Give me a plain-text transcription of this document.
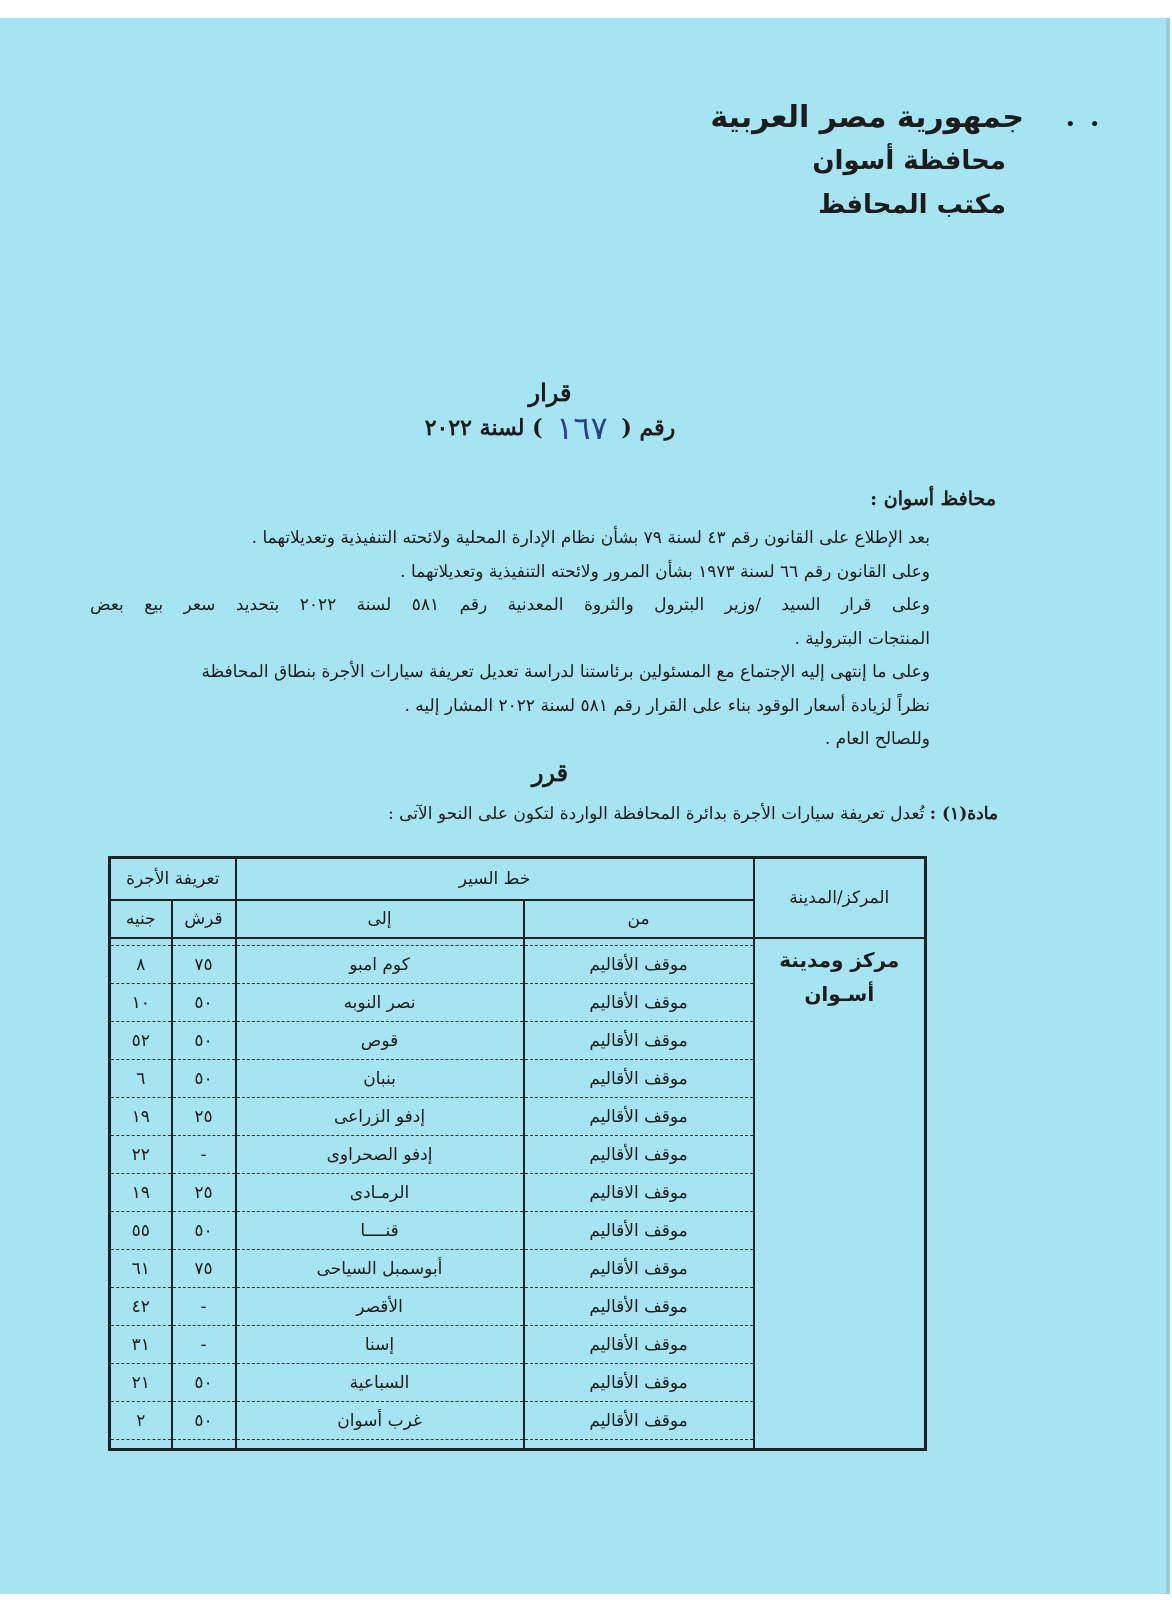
• •
جمهورية مصر العربية
محافظة أسوان
مكتب المحافظ
قرار
رقم ( ١٦٧ ) لسنة ٢٠٢٢
محافظ أسوان :

بعد الإطلاع على القانون رقم ٤٣ لسنة ٧٩ بشأن نظام الإدارة المحلية ولائحته التنفيذية وتعديلاتهما .

وعلى القانون رقم ٦٦ لسنة ١٩٧٣ بشأن المرور ولائحته التنفيذية وتعديلاتهما .

وعلى قرار السيد /وزير البترول والثروة المعدنية رقم ٥٨١ لسنة ٢٠٢٢ بتحديد سعر بيع بعض

المنتجات البترولية .

وعلى ما إنتهى إليه الإجتماع مع المسئولين برئاستنا لدراسة تعديل تعريفة سيارات الأجرة بنطاق المحافظة

نظراً لزيادة أسعار الوقود بناء على القرار رقم ٥٨١ لسنة ٢٠٢٢ المشار إليه .

وللصالح العام .

قرر
مادة(١) : تُعدل تعريفة سيارات الأجرة بدائرة المحافظة الواردة لتكون على النحو الآتى :
المركز/المدينة	خط السير		تعريفة الأجرة	
	من	إلى	قرش	جنيه

مركز ومدينة
أسـوان				

	موقف الأقاليم	كوم امبو	٧٥	٨
	موقف الأقاليم	نصر النوبه	٥٠	١٠
	موقف الأقاليم	قوص	٥٠	٥٢
	موقف الأقاليم	بنبان	٥٠	٦
	موقف الأقاليم	إدفو الزراعى	٢٥	١٩
	موقف الأقاليم	إدفو الصحراوى	-	٢٢
	موقف الاقاليم	الرمـادى	٢٥	١٩
	موقف الأقاليم	قنــــا	٥٠	٥٥
	موقف الأقاليم	أبوسمبل السياحى	٧٥	٦١
	موقف الأقاليم	الأقصر	-	٤٢
	موقف الأقاليم	إسنا	-	٣١
	موقف الأقاليم	السباعية	٥٠	٢١
	موقف الأقاليم	غرب أسوان	٥٠	٢
